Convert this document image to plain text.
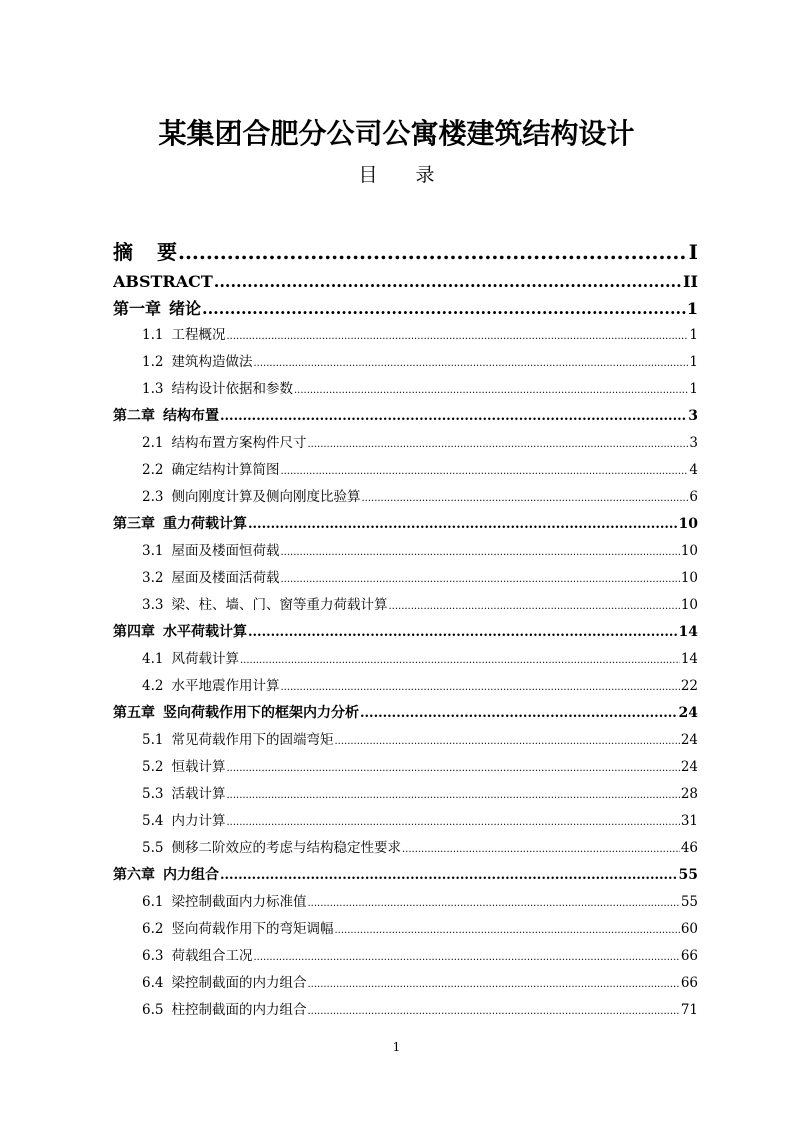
某集团合肥分公司公寓楼建筑结构设计
目 录
摘 要 .....	I
ABSTRACT .....	II
第一章 绪论 .....	1
1.1 工程概况 .....	1
1.2 建筑构造做法 .....	1
1.3 结构设计依据和参数 .....	1
第二章 结构布置 .....	3
2.1 结构布置方案构件尺寸 .....	3
2.2 确定结构计算简图 .....	4
2.3 侧向刚度计算及侧向刚度比验算 .....	6
第三章 重力荷载计算 .....	10
3.1 屋面及楼面恒荷载 .....	10
3.2 屋面及楼面活荷载 .....	10
3.3 梁、柱、墙、门、窗等重力荷载计算 .....	10
第四章 水平荷载计算 .....	14
4.1 风荷载计算 .....	14
4.2 水平地震作用计算 .....	22
第五章 竖向荷载作用下的框架内力分析 .....	24
5.1 常见荷载作用下的固端弯矩 .....	24
5.2 恒载计算 .....	24
5.3 活载计算 .....	28
5.4 内力计算 .....	31
5.5 侧移二阶效应的考虑与结构稳定性要求 .....	46
第六章 内力组合 .....	55
6.1 梁控制截面内力标准值 .....	55
6.2 竖向荷载作用下的弯矩调幅 .....	60
6.3 荷载组合工况 .....	66
6.4 梁控制截面的内力组合 .....	66
6.5 柱控制截面的内力组合 .....	71
1
